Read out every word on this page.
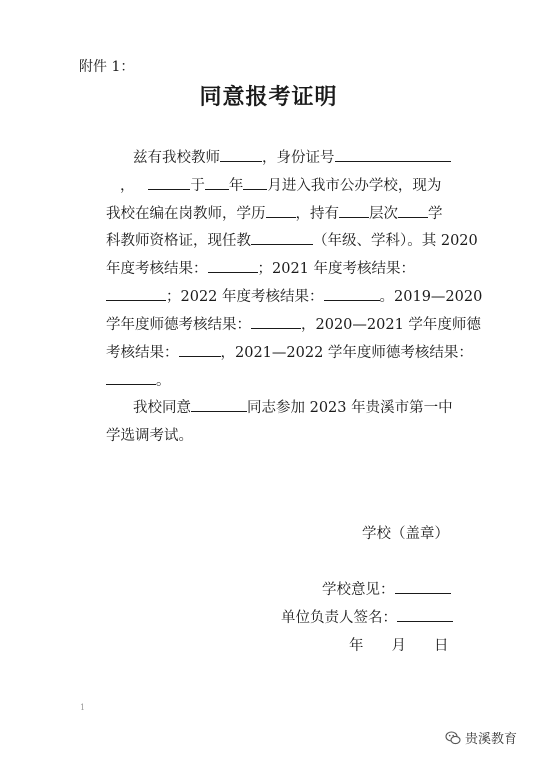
附件 1：
同意报考证明
兹有我校教师	，身份证号
，	于 年 月进入我市公办学校，现为
我校在编在岗教师，学历 ，持有 层次 学
科教师资格证，现任教	（年级、学科）。其 2020
年度考核结果：	；2021 年度考核结果：
；2022 年度考核结果：	。2019—2020
学年度师德考核结果：	，2020—2021 学年度师德
考核结果：	，2021—2022 学年度师德考核结果：
。
我校同意	同志参加 2023 年贵溪市第一中
学选调考试。
学校（盖章）
学校意见：
单位负责人签名：
年 月 日
1
贵溪教育
